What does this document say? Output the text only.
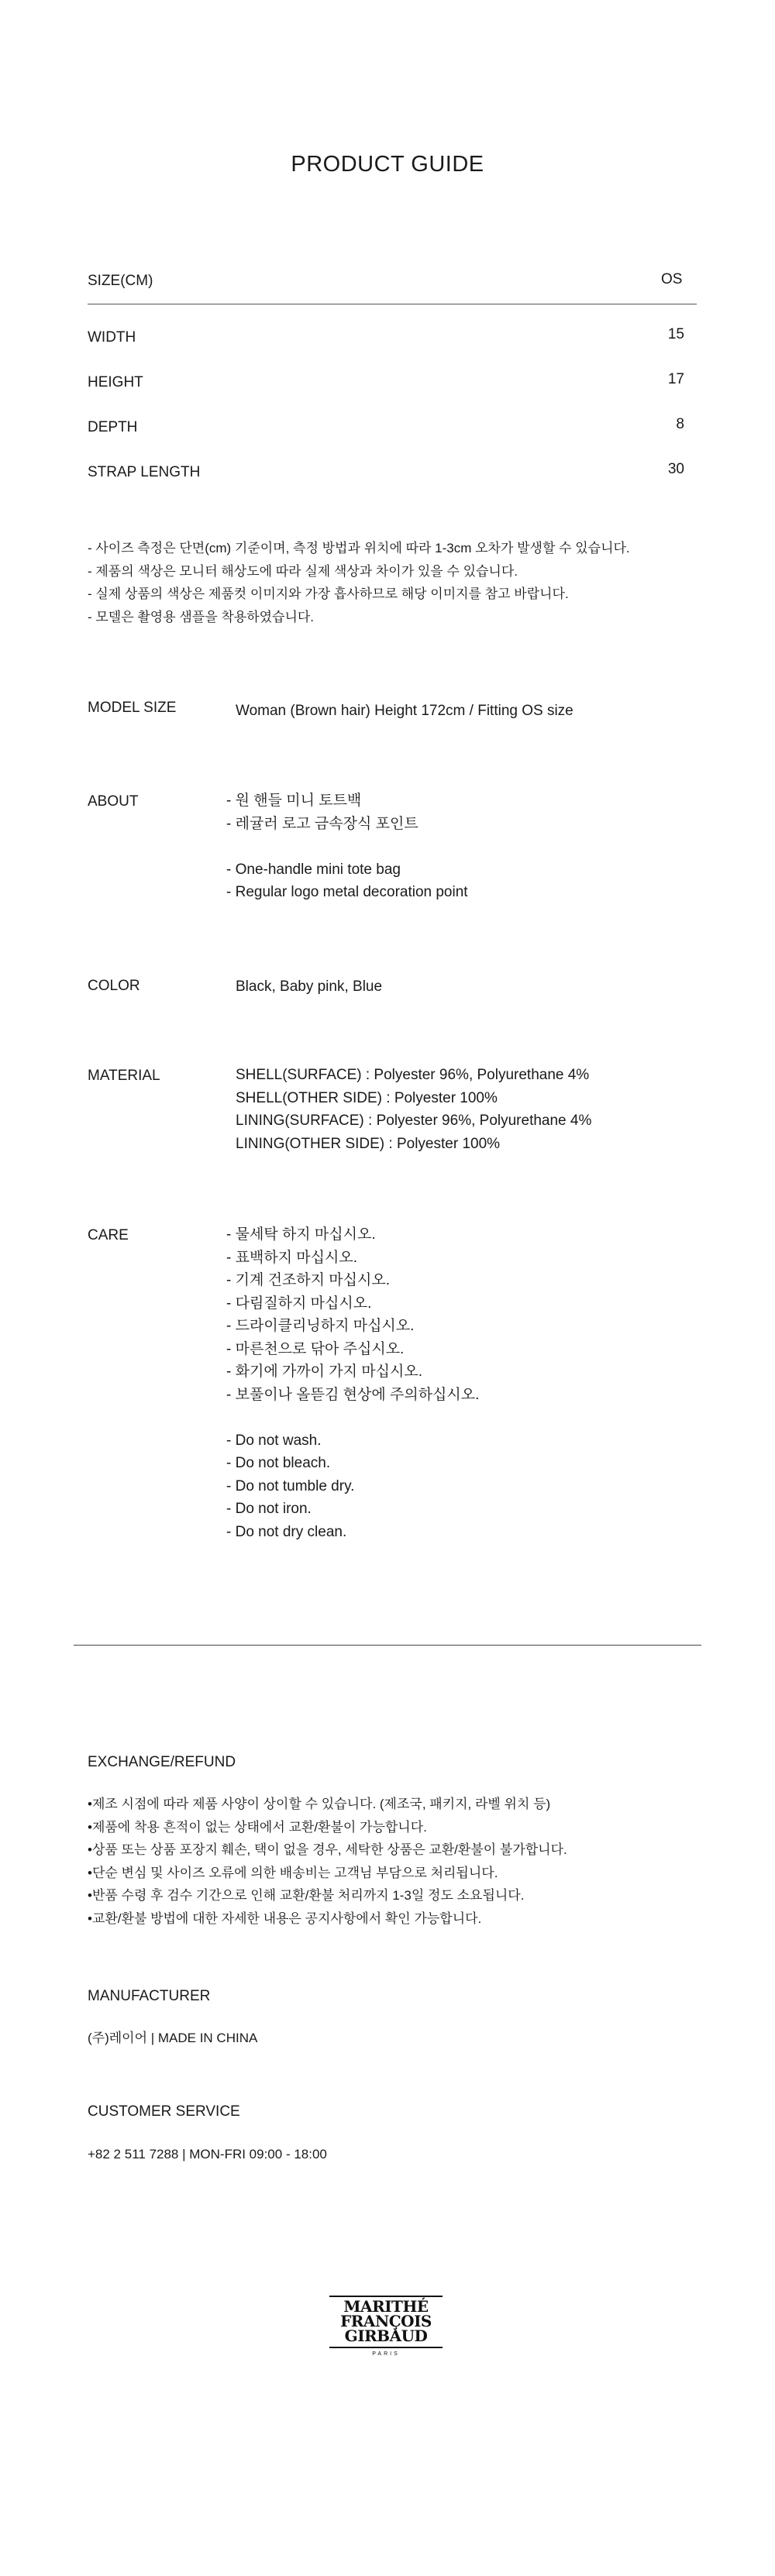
PRODUCT GUIDE
SIZE(CM)	OS
WIDTH	15
HEIGHT	17
DEPTH	8
STRAP LENGTH	30
- 사이즈 측정은 단면(cm) 기준이며, 측정 방법과 위치에 따라 1-3cm 오차가 발생할 수 있습니다.
- 제품의 색상은 모니터 해상도에 따라 실제 색상과 차이가 있을 수 있습니다.
- 실제 상품의 색상은 제품컷 이미지와 가장 흡사하므로 해당 이미지를 참고 바랍니다.
- 모델은 촬영용 샘플을 착용하였습니다.
MODEL SIZE	Woman (Brown hair) Height 172cm / Fitting OS size
ABOUT	- 원 핸들 미니 토트백
- 레귤러 로고 금속장식 포인트
- One-handle mini tote bag
- Regular logo metal decoration point
COLOR	Black, Baby pink, Blue
MATERIAL	SHELL(SURFACE) : Polyester 96%, Polyurethane 4%
SHELL(OTHER SIDE) : Polyester 100%
LINING(SURFACE) : Polyester 96%, Polyurethane 4%
LINING(OTHER SIDE) : Polyester 100%
CARE	- 물세탁 하지 마십시오.
- 표백하지 마십시오.
- 기계 건조하지 마십시오.
- 다림질하지 마십시오.
- 드라이클리닝하지 마십시오.
- 마른천으로 닦아 주십시오.
- 화기에 가까이 가지 마십시오.
- 보풀이나 올뜯김 현상에 주의하십시오.
- Do not wash.
- Do not bleach.
- Do not tumble dry.
- Do not iron.
- Do not dry clean.
EXCHANGE/REFUND
•제조 시점에 따라 제품 사양이 상이할 수 있습니다. (제조국, 패키지, 라벨 위치 등)
•제품에 착용 흔적이 없는 상태에서 교환/환불이 가능합니다.
•상품 또는 상품 포장지 훼손, 택이 없을 경우, 세탁한 상품은 교환/환불이 불가합니다.
•단순 변심 및 사이즈 오류에 의한 배송비는 고객님 부담으로 처리됩니다.
•반품 수령 후 검수 기간으로 인해 교환/환불 처리까지 1-3일 정도 소요됩니다.
•교환/환불 방법에 대한 자세한 내용은 공지사항에서 확인 가능합니다.
MANUFACTURER
(주)레이어 | MADE IN CHINA
CUSTOMER SERVICE
+82 2 511 7288 | MON-FRI 09:00 - 18:00
MARITHÉ
FRANÇOIS
GIRBAUD
PARIS
